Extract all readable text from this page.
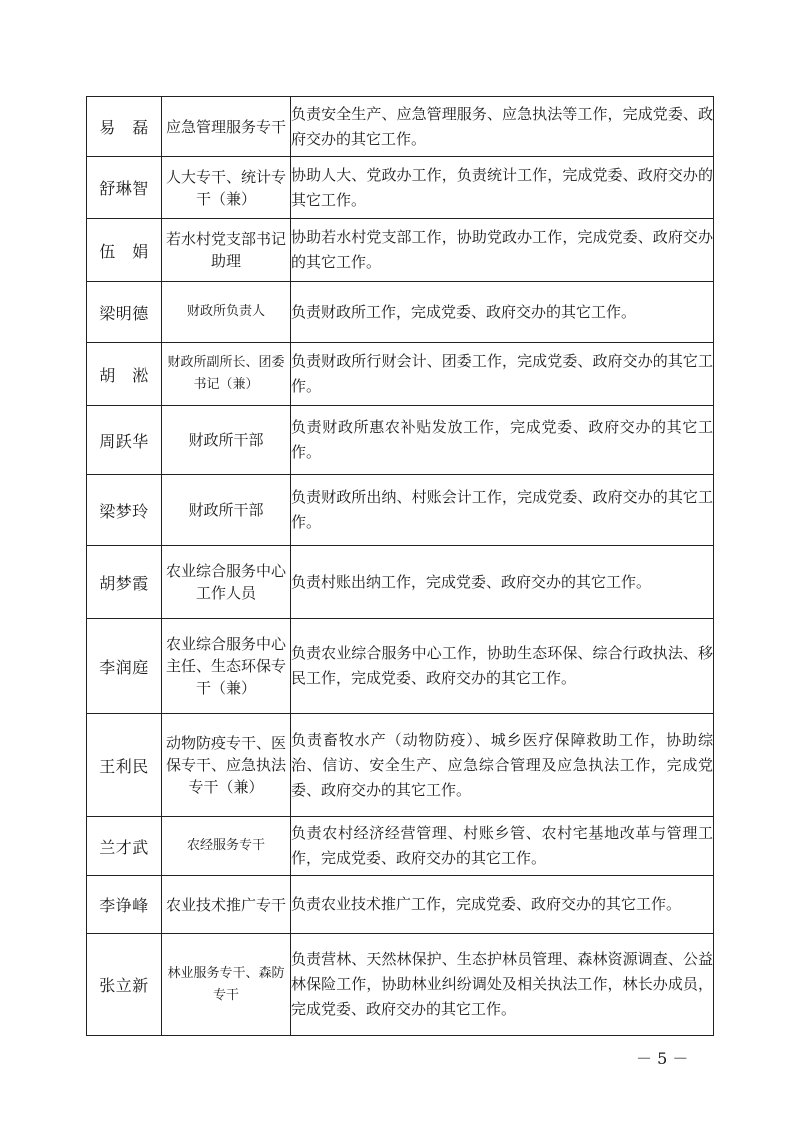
易　磊	应急管理服务专干	负责安全生产、应急管理服务、应急执法等工作，完成党委、政府交办的其它工作。
舒琳智	人大专干、统计专干（兼）	协助人大、党政办工作，负责统计工作，完成党委、政府交办的其它工作。
伍　娟	若水村党支部书记助理	协助若水村党支部工作，协助党政办工作，完成党委、政府交办的其它工作。
梁明德	财政所负责人	负责财政所工作，完成党委、政府交办的其它工作。
胡　淞	财政所副所长、团委书记（兼）	负责财政所行财会计、团委工作，完成党委、政府交办的其它工作。
周跃华	财政所干部	负责财政所惠农补贴发放工作，完成党委、政府交办的其它工作。
梁梦玲	财政所干部	负责财政所出纳、村账会计工作，完成党委、政府交办的其它工作。
胡梦霞	农业综合服务中心工作人员	负责村账出纳工作，完成党委、政府交办的其它工作。
李润庭	农业综合服务中心主任、生态环保专干（兼）	负责农业综合服务中心工作，协助生态环保、综合行政执法、移民工作，完成党委、政府交办的其它工作。
王利民	动物防疫专干、医保专干、应急执法专干（兼）	负责畜牧水产（动物防疫）、城乡医疗保障救助工作，协助综治、信访、安全生产、应急综合管理及应急执法工作，完成党委、政府交办的其它工作。
兰才武	农经服务专干	负责农村经济经营管理、村账乡管、农村宅基地改革与管理工作，完成党委、政府交办的其它工作。
李诤峰	农业技术推广专干	负责农业技术推广工作，完成党委、政府交办的其它工作。
张立新	林业服务专干、森防专干	负责营林、天然林保护、生态护林员管理、森林资源调查、公益林保险工作，协助林业纠纷调处及相关执法工作，林长办成员，完成党委、政府交办的其它工作。
－ 5 －
